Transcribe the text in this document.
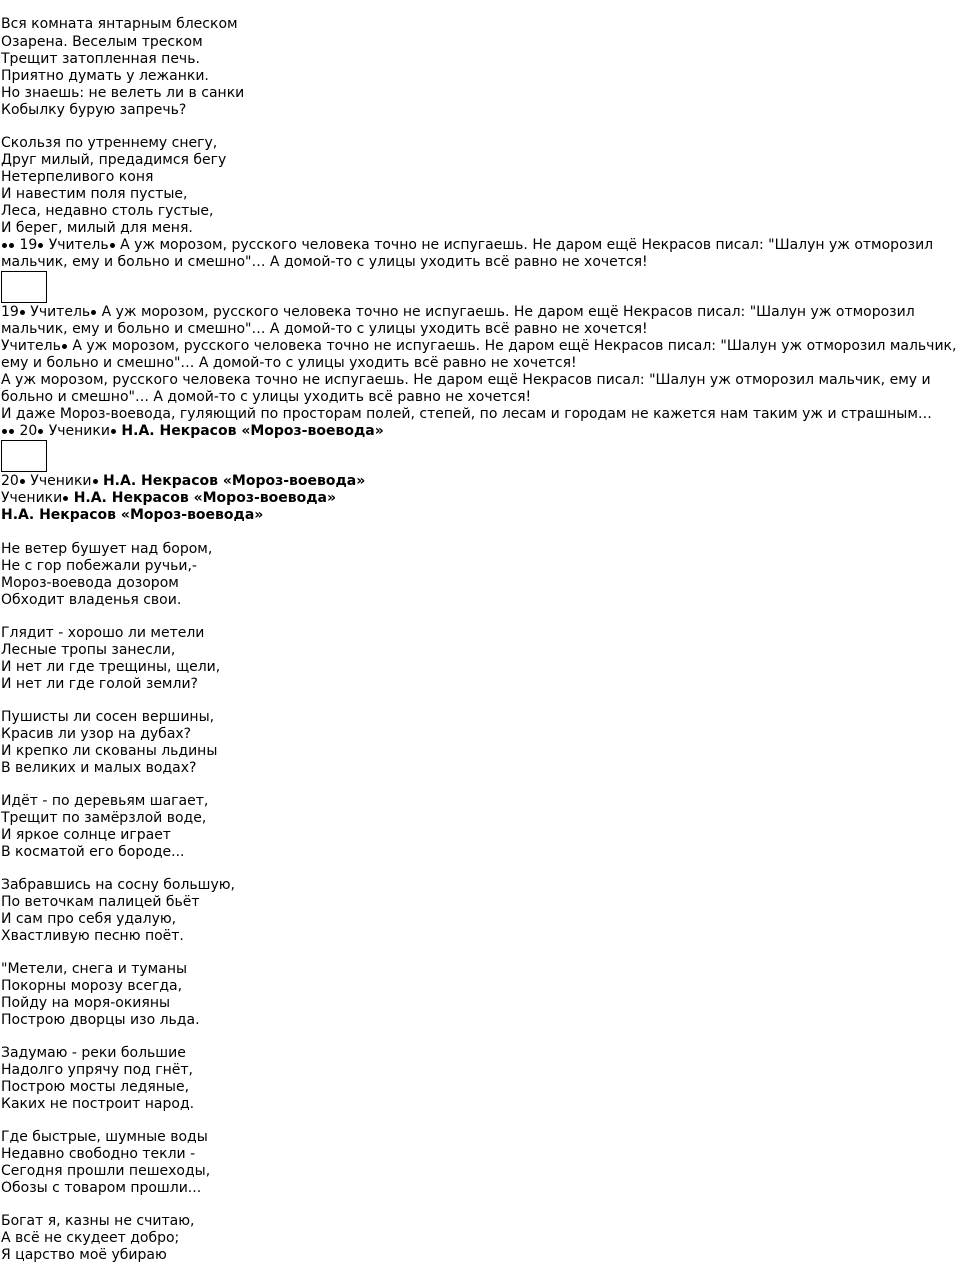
Вся комната янтарным блеском
Озарена. Веселым треском
Трещит затопленная печь.
Приятно думать у лежанки.
Но знаешь: не велеть ли в санки
Кобылку бурую запречь?
Скользя по утреннему снегу,
Друг милый, предадимся бегу
Нетерпеливого коня
И навестим поля пустые,
Леса, недавно столь густые,
И берег, милый для меня.
19 Учитель А уж морозом, русского человека точно не испугаешь. Не даром ещё Некрасов писал: "Шалун уж отморозил
мальчик, ему и больно и смешно"… А домой-то с улицы уходить всё равно не хочется!
19 Учитель А уж морозом, русского человека точно не испугаешь. Не даром ещё Некрасов писал: "Шалун уж отморозил
мальчик, ему и больно и смешно"… А домой-то с улицы уходить всё равно не хочется!
Учитель А уж морозом, русского человека точно не испугаешь. Не даром ещё Некрасов писал: "Шалун уж отморозил мальчик,
ему и больно и смешно"… А домой-то с улицы уходить всё равно не хочется!
А уж морозом, русского человека точно не испугаешь. Не даром ещё Некрасов писал: "Шалун уж отморозил мальчик, ему и
больно и смешно"… А домой-то с улицы уходить всё равно не хочется!
И даже Мороз-воевода, гуляющий по просторам полей, степей, по лесам и городам не кажется нам таким уж и страшным…
20 Ученики Н.А. Некрасов «Мороз-воевода»
20 Ученики Н.А. Некрасов «Мороз-воевода»
Ученики Н.А. Некрасов «Мороз-воевода»
Н.А. Некрасов «Мороз-воевода»
Не ветер бушует над бором,
Не с гор побежали ручьи,-
Мороз-воевода дозором
Обходит владенья свои.
Глядит - хорошо ли метели
Лесные тропы занесли,
И нет ли где трещины, щели,
И нет ли где голой земли?
Пушисты ли сосен вершины,
Красив ли узор на дубах?
И крепко ли скованы льдины
В великих и малых водах?
Идёт - по деревьям шагает,
Трещит по замёрзлой воде,
И яркое солнце играет
В косматой его бороде...
Забравшись на сосну большую,
По веточкам палицей бьёт
И сам про себя удалую,
Хвастливую песню поёт.
"Метели, снега и туманы
Покорны морозу всегда,
Пойду на моря-окияны
Построю дворцы изо льда.
Задумаю - реки большие
Надолго упрячу под гнёт,
Построю мосты ледяные,
Каких не построит народ.
Где быстрые, шумные воды
Недавно свободно текли -
Сегодня прошли пешеходы,
Обозы с товаром прошли...
Богат я, казны не считаю,
А всё не скудеет добро;
Я царство моё убираю
